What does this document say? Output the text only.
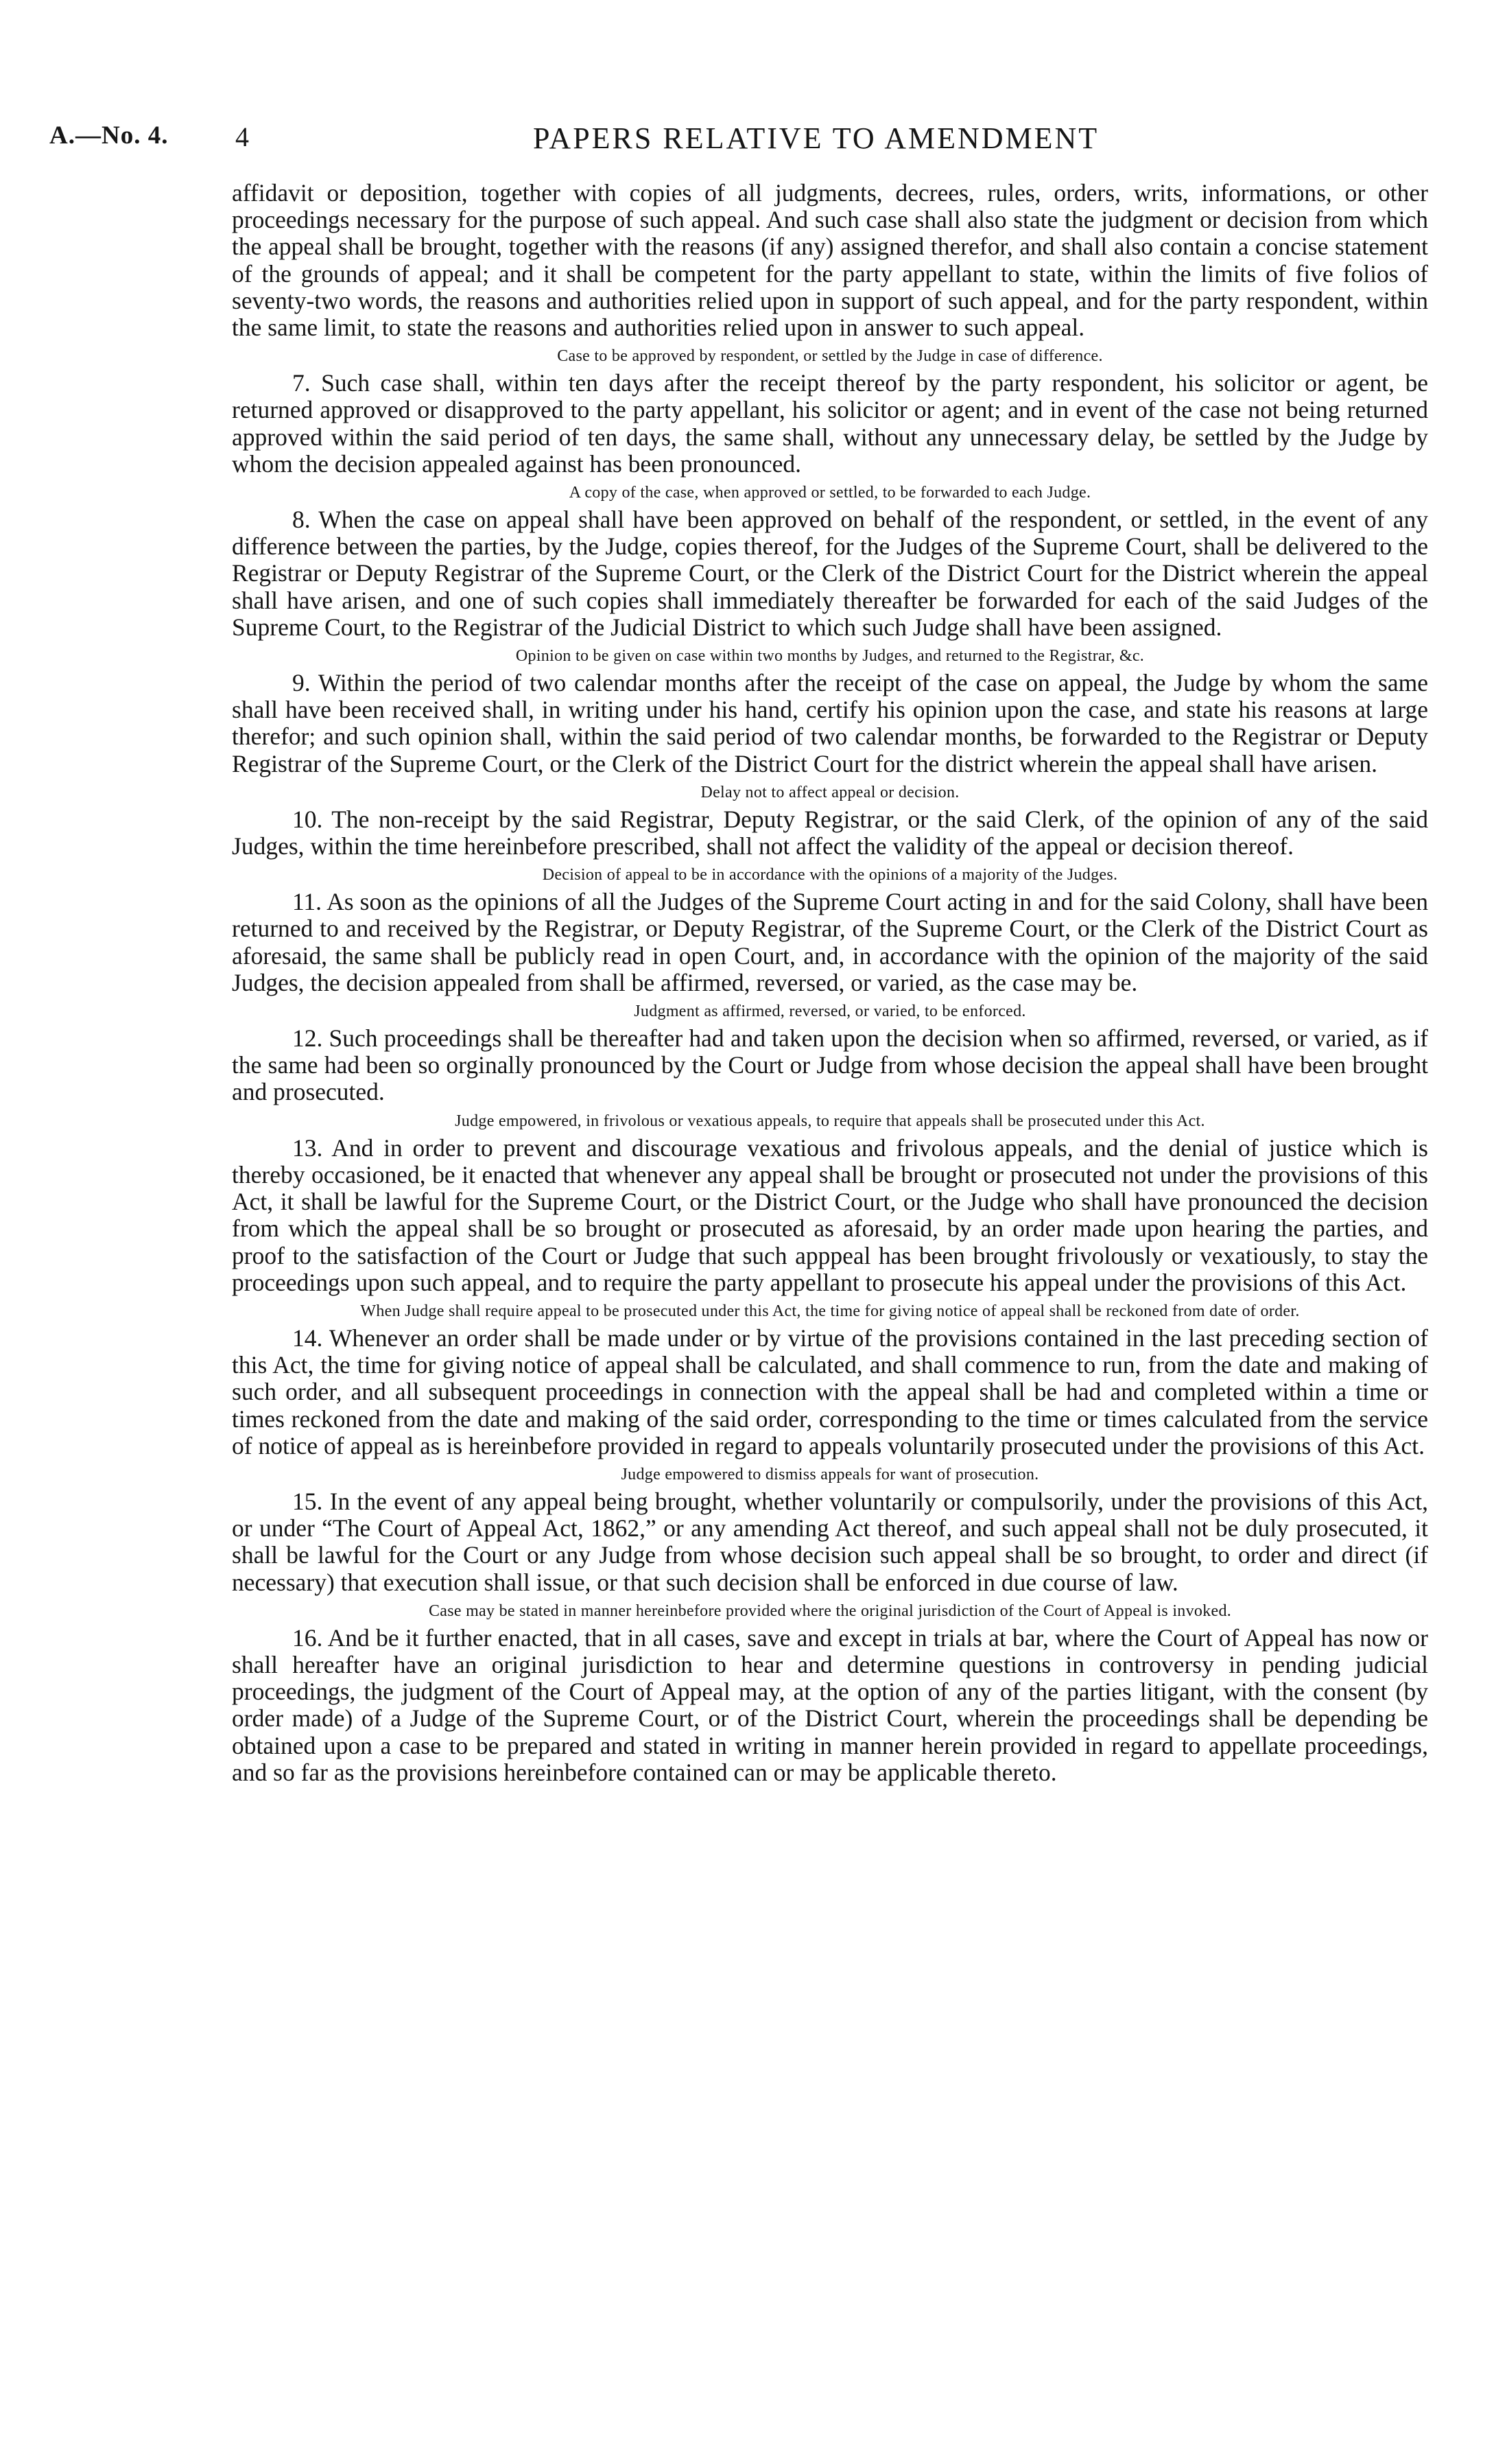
A.—No. 4. 4	PAPERS RELATIVE TO AMENDMENT

affidavit or deposition, together with copies of all judgments, decrees, rules, orders, writs, informations, or other proceedings necessary for the purpose of such appeal. And such case shall also state the judgment or decision from which the appeal shall be brought, together with the reasons (if any) assigned therefor, and shall also contain a concise statement of the grounds of appeal; and it shall be competent for the party appellant to state, within the limits of five folios of seventy-two words, the reasons and authorities relied upon in support of such appeal, and for the party respondent, within the same limit, to state the reasons and authorities relied upon in answer to such appeal.

Case to be approved by respondent, or settled by the Judge in case of difference.

7. Such case shall, within ten days after the receipt thereof by the party respondent, his solicitor or agent, be returned approved or disapproved to the party appellant, his solicitor or agent; and in event of the case not being returned approved within the said period of ten days, the same shall, without any unnecessary delay, be settled by the Judge by whom the decision appealed against has been pronounced.

A copy of the case, when approved or settled, to be forwarded to each Judge.

8. When the case on appeal shall have been approved on behalf of the respondent, or settled, in the event of any difference between the parties, by the Judge, copies thereof, for the Judges of the Supreme Court, shall be delivered to the Registrar or Deputy Registrar of the Supreme Court, or the Clerk of the District Court for the District wherein the appeal shall have arisen, and one of such copies shall immediately thereafter be forwarded for each of the said Judges of the Supreme Court, to the Registrar of the Judicial District to which such Judge shall have been assigned.

Opinion to be given on case within two months by Judges, and returned to the Registrar, &c.

9. Within the period of two calendar months after the receipt of the case on appeal, the Judge by whom the same shall have been received shall, in writing under his hand, certify his opinion upon the case, and state his reasons at large therefor; and such opinion shall, within the said period of two calendar months, be forwarded to the Registrar or Deputy Registrar of the Supreme Court, or the Clerk of the District Court for the district wherein the appeal shall have arisen.

Delay not to affect appeal or decision.

10. The non-receipt by the said Registrar, Deputy Registrar, or the said Clerk, of the opinion of any of the said Judges, within the time hereinbefore prescribed, shall not affect the validity of the appeal or decision thereof.

Decision of appeal to be in accordance with the opinions of a majority of the Judges.

11. As soon as the opinions of all the Judges of the Supreme Court acting in and for the said Colony, shall have been returned to and received by the Registrar, or Deputy Registrar, of the Supreme Court, or the Clerk of the District Court as aforesaid, the same shall be publicly read in open Court, and, in accordance with the opinion of the majority of the said Judges, the decision appealed from shall be affirmed, reversed, or varied, as the case may be.

Judgment as affirmed, reversed, or varied, to be enforced.

12. Such proceedings shall be thereafter had and taken upon the decision when so affirmed, reversed, or varied, as if the same had been so orginally pronounced by the Court or Judge from whose decision the appeal shall have been brought and prosecuted.

Judge empowered, in frivolous or vexatious appeals, to require that appeals shall be prosecuted under this Act.

13. And in order to prevent and discourage vexatious and frivolous appeals, and the denial of justice which is thereby occasioned, be it enacted that whenever any appeal shall be brought or prosecuted not under the provisions of this Act, it shall be lawful for the Supreme Court, or the District Court, or the Judge who shall have pronounced the decision from which the appeal shall be so brought or prosecuted as aforesaid, by an order made upon hearing the parties, and proof to the satisfaction of the Court or Judge that such apppeal has been brought frivolously or vexatiously, to stay the proceedings upon such appeal, and to require the party appellant to prosecute his appeal under the provisions of this Act.

When Judge shall require appeal to be prosecuted under this Act, the time for giving notice of appeal shall be reckoned from date of order.

14. Whenever an order shall be made under or by virtue of the provisions contained in the last preceding section of this Act, the time for giving notice of appeal shall be calculated, and shall commence to run, from the date and making of such order, and all subsequent proceedings in connection with the appeal shall be had and completed within a time or times reckoned from the date and making of the said order, corresponding to the time or times calculated from the service of notice of appeal as is hereinbefore provided in regard to appeals voluntarily prosecuted under the provisions of this Act.

Judge empowered to dismiss appeals for want of prosecution.

15. In the event of any appeal being brought, whether voluntarily or compulsorily, under the provisions of this Act, or under “The Court of Appeal Act, 1862,” or any amending Act thereof, and such appeal shall not be duly prosecuted, it shall be lawful for the Court or any Judge from whose decision such appeal shall be so brought, to order and direct (if necessary) that execution shall issue, or that such decision shall be enforced in due course of law.

Case may be stated in manner hereinbefore provided where the original jurisdiction of the Court of Appeal is invoked.

16. And be it further enacted, that in all cases, save and except in trials at bar, where the Court of Appeal has now or shall hereafter have an original jurisdiction to hear and determine questions in controversy in pending judicial proceedings, the judgment of the Court of Appeal may, at the option of any of the parties litigant, with the consent (by order made) of a Judge of the Supreme Court, or of the District Court, wherein the proceedings shall be depending be obtained upon a case to be prepared and stated in writing in manner herein provided in regard to appellate proceedings, and so far as the provisions hereinbefore contained can or may be applicable thereto.
